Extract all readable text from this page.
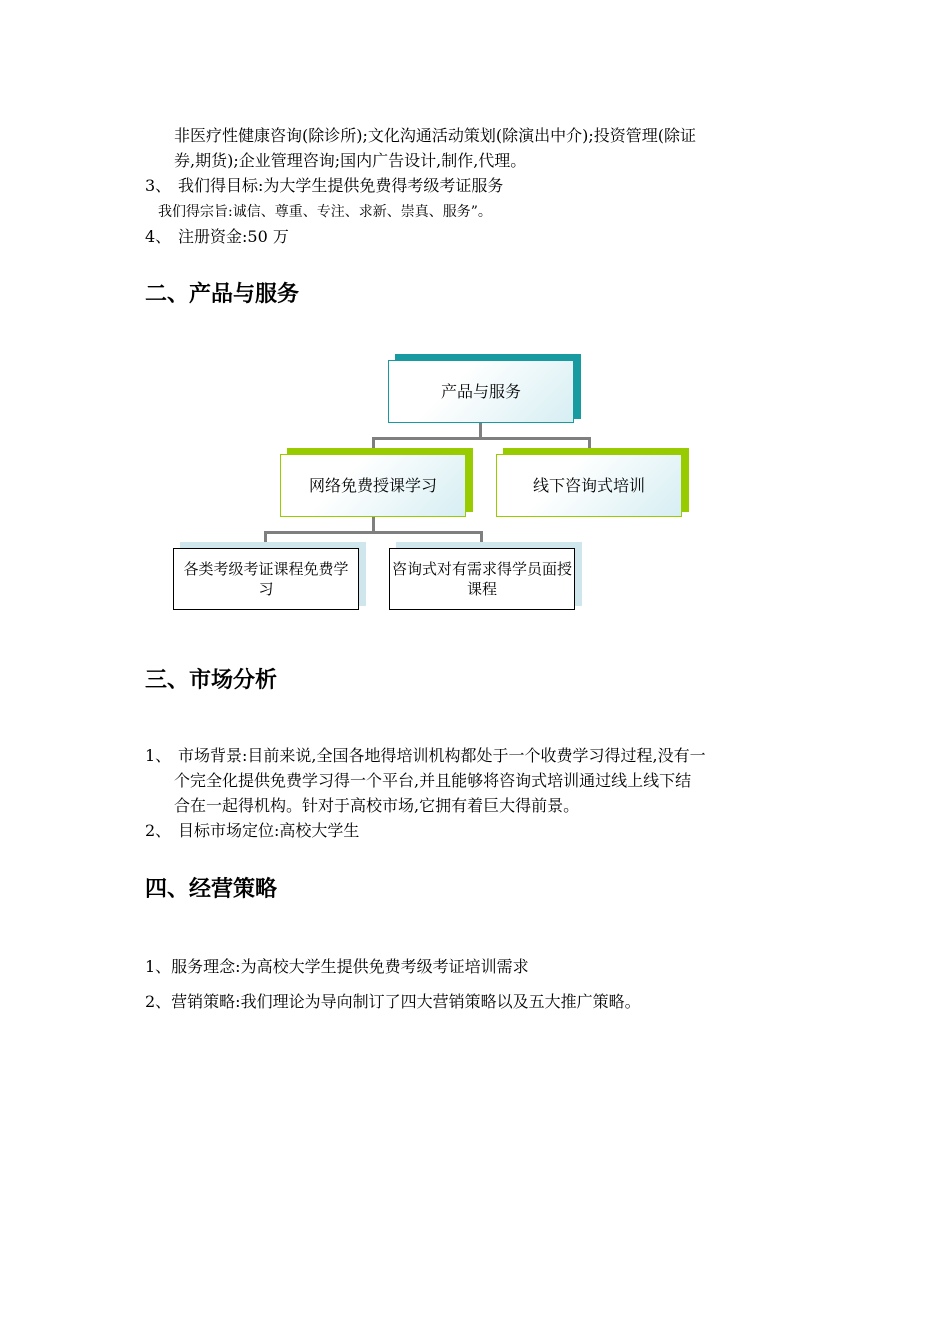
非医疗性健康咨询(除诊所);文化沟通活动策划(除演出中介);投资管理(除证
券,期货);企业管理咨询;国内广告设计,制作,代理。
3、 我们得目标:为大学生提供免费得考级考证服务
我们得宗旨:诚信、尊重、专注、求新、崇真、服务”。
4、 注册资金:50 万
二、产品与服务
产品与服务
网络免费授课学习	线下咨询式培训
各类考级考证课程免费学习
咨询式对有需求得学员面授课程
三、市场分析
1、 市场背景:目前来说,全国各地得培训机构都处于一个收费学习得过程,没有一
个完全化提供免费学习得一个平台,并且能够将咨询式培训通过线上线下结
合在一起得机构。针对于高校市场,它拥有着巨大得前景。
2、 目标市场定位:高校大学生
四、经营策略
1、服务理念:为高校大学生提供免费考级考证培训需求
2、营销策略:我们理论为导向制订了四大营销策略以及五大推广策略。
